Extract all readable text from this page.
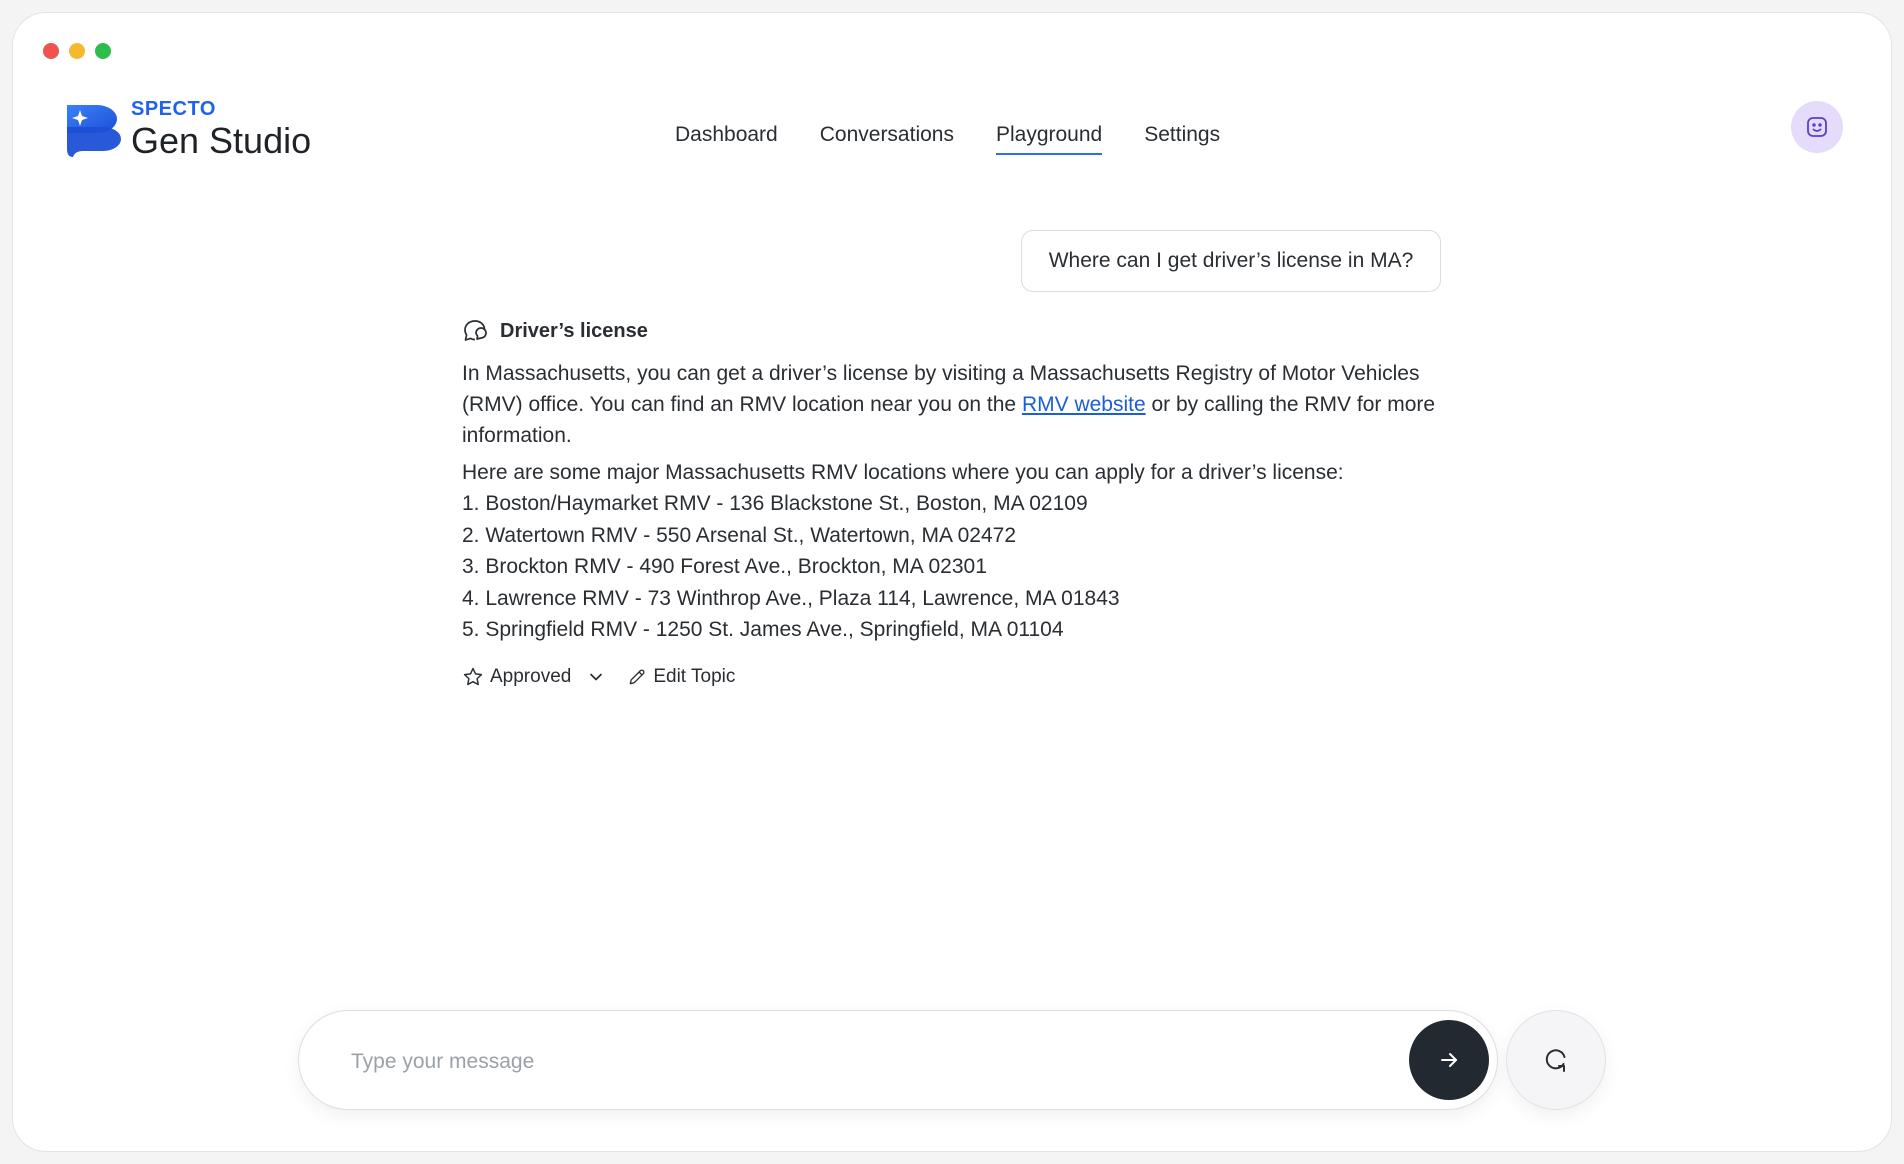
SPECTO
Gen Studio	Dashboard Conversations Playground Settings
Where can I get driver’s license in MA?
Driver’s license
In Massachusetts, you can get a driver’s license by visiting a Massachusetts Registry of Motor Vehicles (RMV) office. You can find an RMV location near you on the RMV website or by calling the RMV for more information.
Here are some major Massachusetts RMV locations where you can apply for a driver’s license:
1. Boston/Haymarket RMV - 136 Blackstone St., Boston, MA 02109
2. Watertown RMV - 550 Arsenal St., Watertown, MA 02472
3. Brockton RMV - 490 Forest Ave., Brockton, MA 02301
4. Lawrence RMV - 73 Winthrop Ave., Plaza 114, Lawrence, MA 01843
5. Springfield RMV - 1250 St. James Ave., Springfield, MA 01104
Approved	Edit Topic
Type your message
